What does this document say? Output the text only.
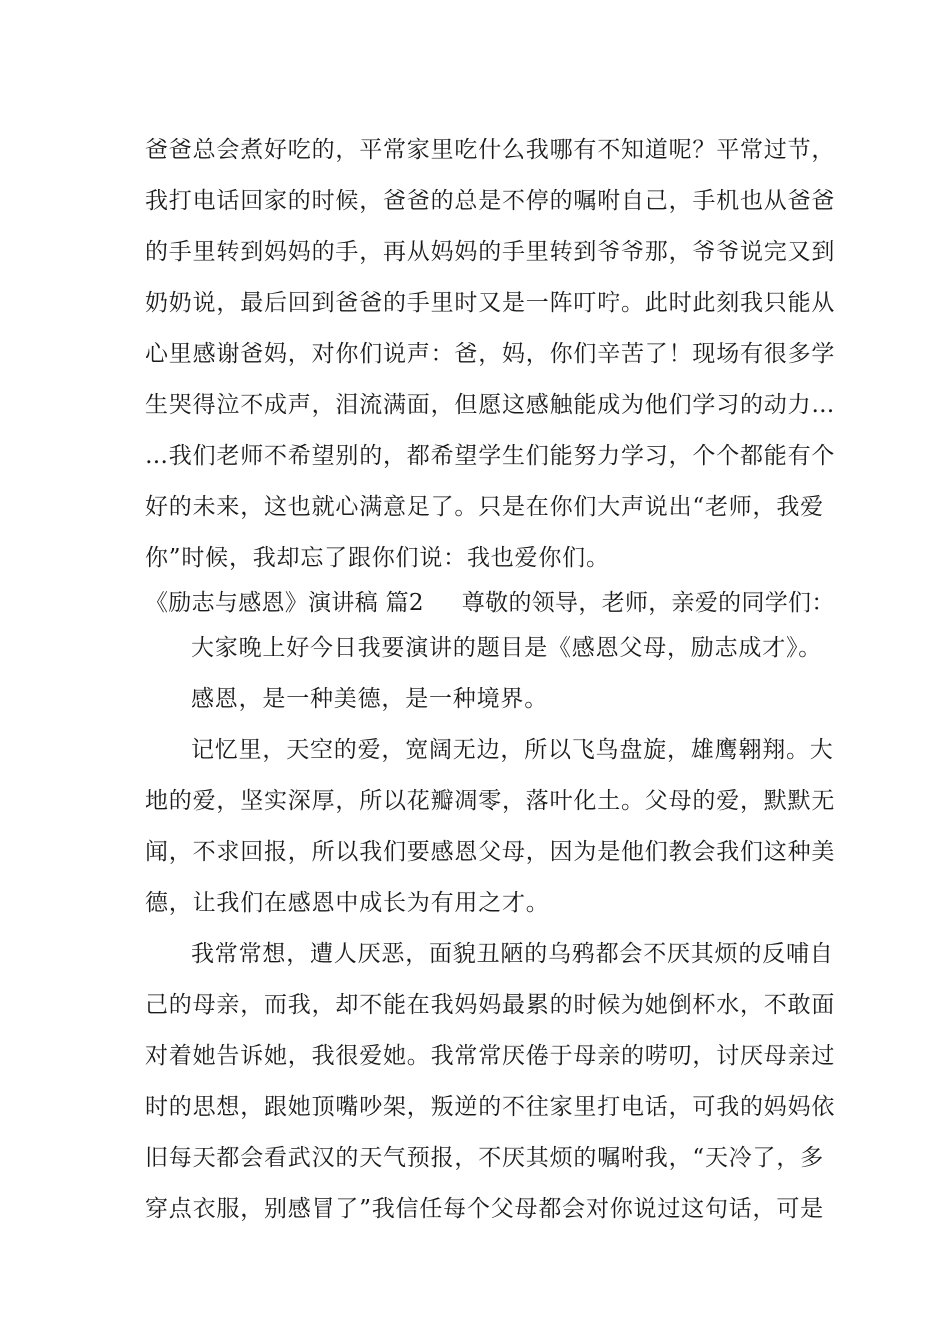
爸爸总会煮好吃的，平常家里吃什么我哪有不知道呢？平常过节，
我打电话回家的时候，爸爸的总是不停的嘱咐自己，手机也从爸爸
的手里转到妈妈的手，再从妈妈的手里转到爷爷那，爷爷说完又到
奶奶说，最后回到爸爸的手里时又是一阵叮咛。此时此刻我只能从
心里感谢爸妈，对你们说声：爸，妈，你们辛苦了！现场有很多学
生哭得泣不成声，泪流满面，但愿这感触能成为他们学习的动力…
…我们老师不希望别的，都希望学生们能努力学习，个个都能有个
好的未来，这也就心满意足了。只是在你们大声说出“老师，我爱
你”时候，我却忘了跟你们说：我也爱你们。
《励志与感恩》演讲稿 篇2 尊敬的领导，老师，亲爱的同学们：
大家晚上好今日我要演讲的题目是《感恩父母，励志成才》。
感恩，是一种美德，是一种境界。
记忆里，天空的爱，宽阔无边，所以飞鸟盘旋，雄鹰翱翔。大
地的爱，坚实深厚，所以花瓣凋零，落叶化土。父母的爱，默默无
闻，不求回报，所以我们要感恩父母，因为是他们教会我们这种美
德，让我们在感恩中成长为有用之才。
我常常想，遭人厌恶，面貌丑陋的乌鸦都会不厌其烦的反哺自
己的母亲，而我，却不能在我妈妈最累的时候为她倒杯水，不敢面
对着她告诉她，我很爱她。我常常厌倦于母亲的唠叨，讨厌母亲过
时的思想，跟她顶嘴吵架，叛逆的不往家里打电话，可我的妈妈依
旧每天都会看武汉的天气预报，不厌其烦的嘱咐我，“天冷了，多
穿点衣服，别感冒了”我信任每个父母都会对你说过这句话，可是
